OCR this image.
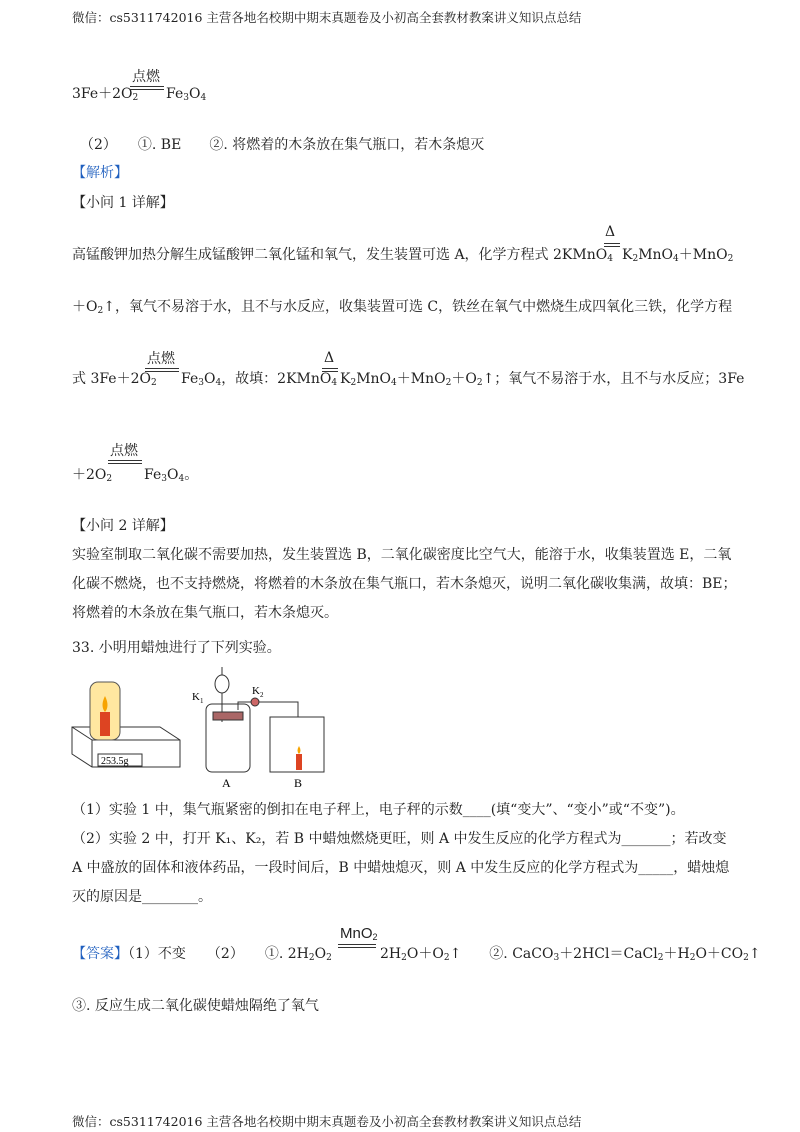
微信：cs5311742016 主营各地名校期中期末真题卷及小初高全套教材教案讲义知识点总结
$3Fe+2O_2$
点燃
$Fe_3O_4$
（2）　　①. BE　　②. 将燃着的木条放在集气瓶口，若木条熄灭
【解析】
【小问 1 详解】
高锰酸钾加热分解生成锰酸钾二氧化锰和氧气，发生装置可选 A，化学方程式 2KMnO$_4$
Δ
$K_2MnO_4+MnO_2$
$+O_2↑$，氧气不易溶于水，且不与水反应，收集装置可选 C，铁丝在氧气中燃烧生成四氧化三铁，化学方程
式 $3Fe+2O_2$
点燃
$Fe_3O_4$，故填：2KMnO$_4$
Δ
$K_2MnO_4+MnO_2+O_2↑$；氧气不易溶于水，且不与水反应；3Fe
$+2O_2$
点燃
$Fe_3O_4$。
【小问 2 详解】
实验室制取二氧化碳不需要加热，发生装置选 B，二氧化碳密度比空气大，能溶于水，收集装置选 E，二氧化碳不燃烧，也不支持燃烧，将燃着的木条放在集气瓶口，若木条熄灭，说明二氧化碳收集满，故填：BE；将燃着的木条放在集气瓶口，若木条熄灭。
33. 小明用蜡烛进行了下列实验。
253.5g
K 1
K 2
A	B
（1）实验 1 中，集气瓶紧密的倒扣在电子秤上，电子秤的示数____(填“变大”、“变小”或“不变”)。
（2）实验 2 中，打开 K₁、K₂，若 B 中蜡烛燃烧更旺，则 A 中发生反应的化学方程式为_______；若改变 A 中盛放的固体和液体药品，一段时间后，B 中蜡烛熄灭，则 A 中发生反应的化学方程式为_____，蜡烛熄灭的原因是________。
【答案】（1）不变　　（2）　　①. $2H_2O_2$
MnO$_2$
$2H_2O+O_2↑$　　②. $CaCO_3+2HCl=CaCl_2+H_2O+CO_2↑$
③. 反应生成二氧化碳使蜡烛隔绝了氧气
微信：cs5311742016 主营各地名校期中期末真题卷及小初高全套教材教案讲义知识点总结
